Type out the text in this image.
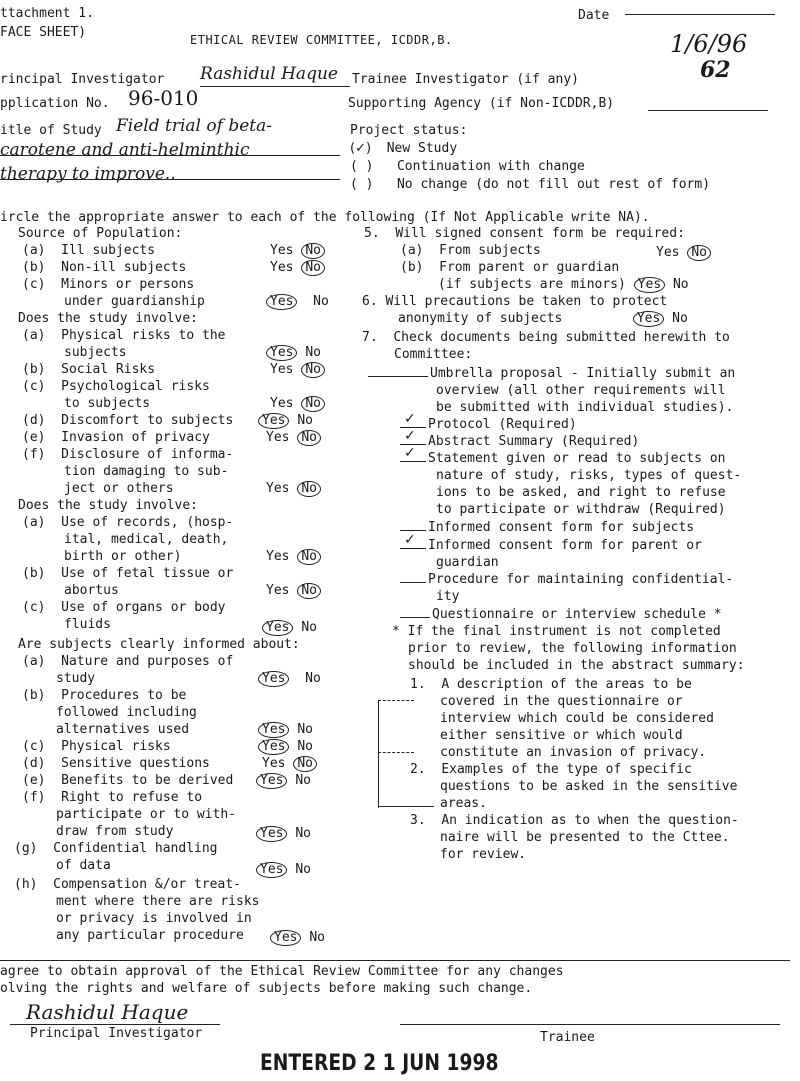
ttachment 1.
FACE SHEET)	ETHICAL REVIEW COMMITTEE, ICDDR,B.
Date
1/6/96
62
rincipal Investigator Rashidul Haque Trainee Investigator (if any)
pplication No. 96-010	Supporting Agency (if Non-ICDDR,B)
itle of Study Field trial of beta-
carotene and anti-helminthic
therapy to improve..
Project status:
(✓) New Study
( )   Continuation with change
( )   No change (do not fill out rest of form)
ircle the appropriate answer to each of the following (If Not Applicable write NA).
Source of Population:
(a)  Ill subjects	Yes No
(b)  Non-ill subjects	Yes No
(c)  Minors or persons
under guardianship	Yes No
Does the study involve:
(a)  Physical risks to the
subjects	Yes No
(b)  Social Risks	Yes No
(c)  Psychological risks
to subjects	Yes No
(d)  Discomfort to subjects	Yes No
(e)  Invasion of privacy	Yes No
(f)  Disclosure of informa-
tion damaging to sub-
ject or others	Yes No
Does the study involve:
(a)  Use of records, (hosp-
ital, medical, death,
birth or other)	Yes No
(b)  Use of fetal tissue or
abortus	Yes No
(c)  Use of organs or body
fluids	Yes No
Are subjects clearly informed about:
(a)  Nature and purposes of
study	Yes No
(b)  Procedures to be
followed including
alternatives used	Yes No
(c)  Physical risks	Yes No
(d)  Sensitive questions	Yes No
(e)  Benefits to be derived	Yes No
(f)  Right to refuse to
participate or to with-
draw from study	Yes No
(g)  Confidential handling
of data	Yes No
(h)  Compensation &/or treat-
ment where there are risks
or privacy is involved in
any particular procedure	Yes No
5.  Will signed consent form be required:
(a)  From subjects	Yes No
(b)  From parent or guardian
(if subjects are minors) Yes No
6. Will precautions be taken to protect
anonymity of subjects	Yes No
7.  Check documents being submitted herewith to
Committee:
Umbrella proposal - Initially submit an
overview (all other requirements will
be submitted with individual studies).
✓Protocol (Required)
✓Abstract Summary (Required)
✓Statement given or read to subjects on
nature of study, risks, types of quest-
ions to be asked, and right to refuse
to participate or withdraw (Required)
Informed consent form for subjects
✓Informed consent form for parent or
guardian
Procedure for maintaining confidential-
ity
Questionnaire or interview schedule *
* If the final instrument is not completed
prior to review, the following information
should be included in the abstract summary:
1.  A description of the areas to be
covered in the questionnaire or
interview which could be considered
either sensitive or which would
constitute an invasion of privacy.
2.  Examples of the type of specific
questions to be asked in the sensitive
areas.
3.  An indication as to when the question-
naire will be presented to the Cttee.
for review.
agree to obtain approval of the Ethical Review Committee for any changes
olving the rights and welfare of subjects before making such change.
Rashidul Haque
Principal Investigator	Trainee
ENTERED 2 1 JUN 1998
